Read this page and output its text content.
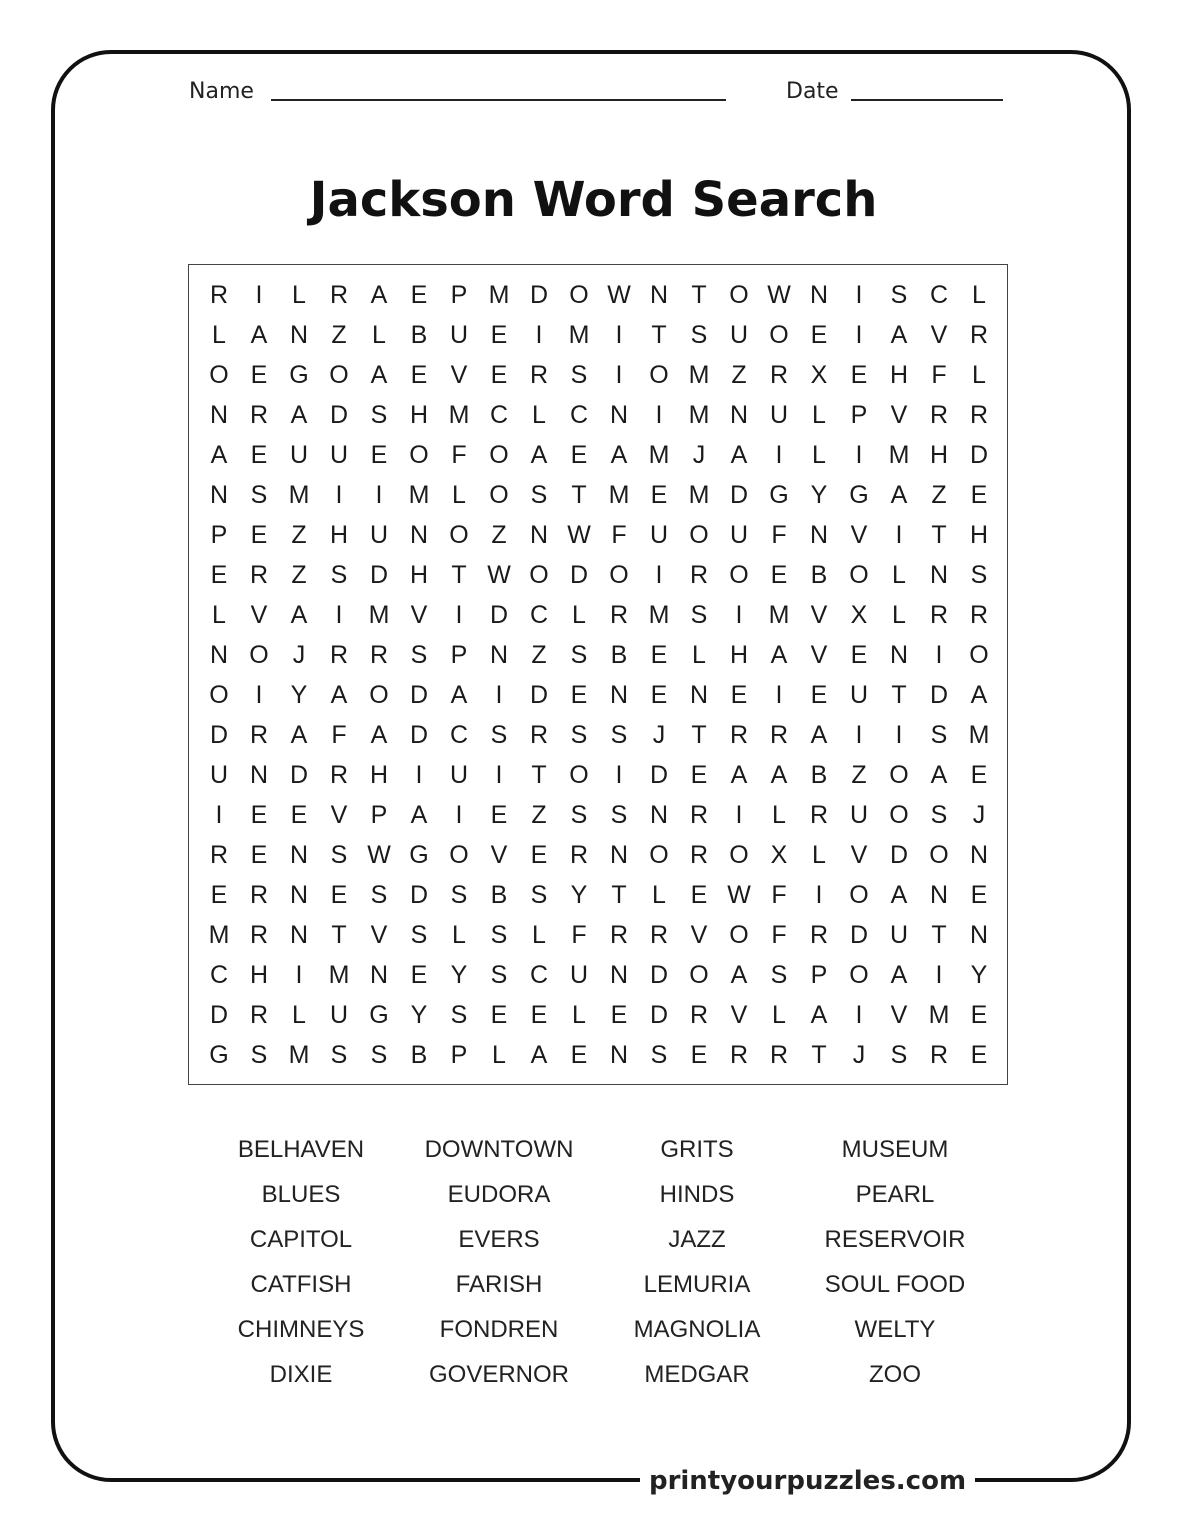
printyourpuzzles.com
Name	Date
Jackson Word Search
R	I	L R A E P M D O W N T O W N	I	S C L
L A N Z	L B U E	I	M	I	T S U O E	I	A V R
O E G O A E V E R S	I	O M Z R X E H F	L
N R A D S H M C L C N	I	M N U L P V R R
A E U U E O F O A E A M J	A	I	L	I	M H D
N S M	I	I	M L O S T M E M D G Y G A Z E
P E Z H U N O Z N W F U O U F N V	I	T H
E R Z S D H T W O D O	I	R O E B O L N S
L V A	I	M V	I	D C L R M S	I	M V X L R R
N O J R R S P N Z S B E L H A V E N	I	O
O	I	Y A O D A	I	D E N E N E	I	E U T D A
D R A F A D C S R S S	J	T R R A	I	I	S M
U N D R H	I	U	I	T O	I	D E A A B Z O A E
I	E E V P A	I	E Z S S N R	I	L R U O S	J
R E N S W G O V E R N O R O X L V D O N
E R N E S D S B S Y T	L E W F	I	O A N E
M R N T V S L S L	F R R V O F R D U T N
C H	I	M N E Y S C U N D O A S P O A	I	Y
D R L U G Y S E E L E D R V L A	I	V M E
G S M S S B P L A E N S E R R T	J	S R E
BELHAVEN
BLUES
CAPITOL
CATFISH
CHIMNEYS
DIXIE
DOWNTOWN
EUDORA
EVERS
FARISH
FONDREN
GOVERNOR
GRITS
HINDS
JAZZ
LEMURIA
MAGNOLIA
MEDGAR
MUSEUM
PEARL
RESERVOIR
SOUL FOOD
WELTY
ZOO
